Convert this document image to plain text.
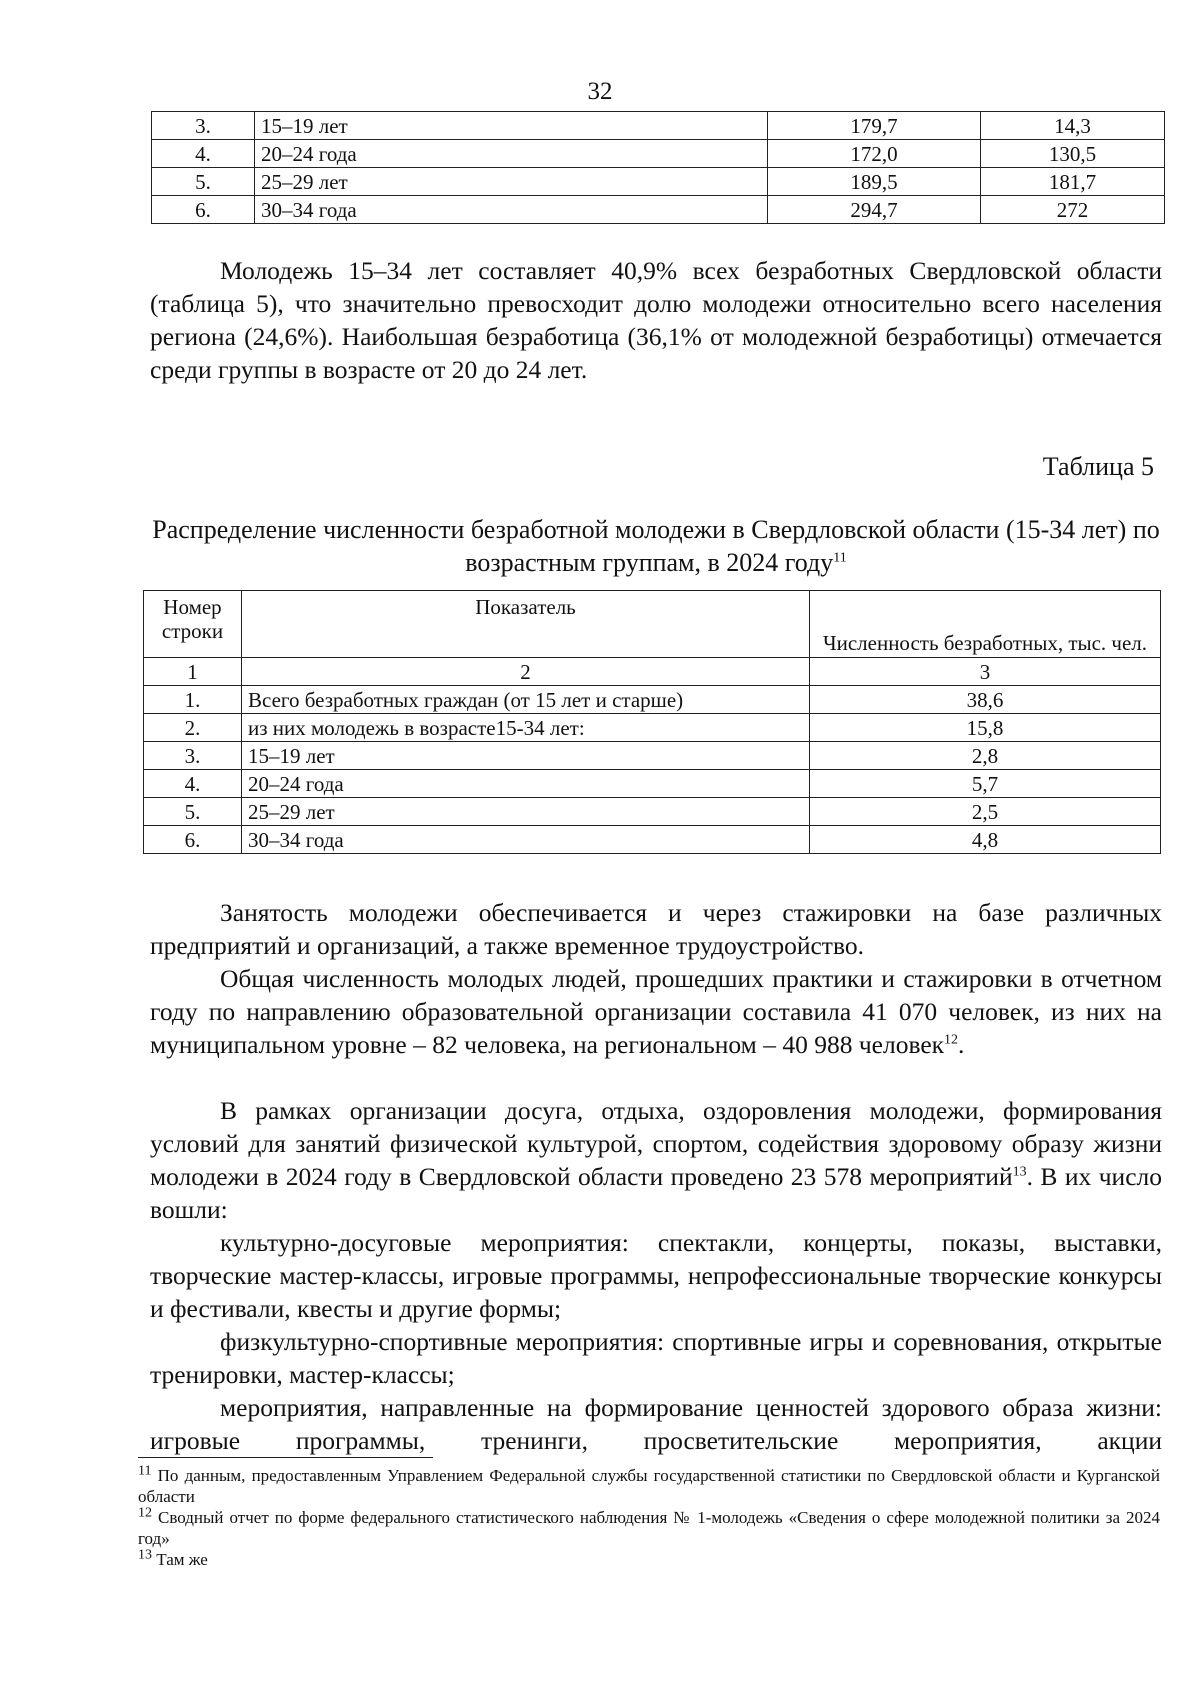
32
3.	15–19 лет	179,7	14,3
4.	20–24 года	172,0	130,5
5.	25–29 лет	189,5	181,7
6.	30–34 года	294,7	272

Молодежь 15–34 лет составляет 40,9% всех безработных Свердловской области (таблица 5), что значительно превосходит долю молодежи относительно всего населения региона (24,6%). Наибольшая безработица (36,1% от молодежной безработицы) отмечается среди группы в возрасте от 20 до 24 лет.

Таблица 5
Распределение численности безработной молодежи в Свердловской области (15-34 лет) по возрастным группам, в 2024 году$^{11}$
Номер строки	Показатель	Численность безработных, тыс. чел.
1	2	3
1.	Всего безработных граждан (от 15 лет и старше)	38,6
2.	из них молодежь в возрасте15-34 лет:	15,8
3.	15–19 лет	2,8
4.	20–24 года	5,7
5.	25–29 лет	2,5
6.	30–34 года	4,8

Занятость молодежи обеспечивается и через стажировки на базе различных предприятий и организаций, а также временное трудоустройство.

Общая численность молодых людей, прошедших практики и стажировки в отчетном году по направлению образовательной организации составила 41 070 человек, из них на муниципальном уровне – 82 человека, на региональном – 40 988 человек$^{12}$.

В рамках организации досуга, отдыха, оздоровления молодежи, формирования условий для занятий физической культурой, спортом, содействия здоровому образу жизни молодежи в 2024 году в Свердловской области проведено 23 578 мероприятий$^{13}$. В их число вошли:

культурно-досуговые мероприятия: спектакли, концерты, показы, выставки, творческие мастер-классы, игровые программы, непрофессиональные творческие конкурсы и фестивали, квесты и другие формы;

физкультурно-спортивные мероприятия: спортивные игры и соревнования, открытые тренировки, мастер-классы;

мероприятия, направленные на формирование ценностей здорового образа жизни: игровые программы, тренинги, просветительские мероприятия, акции

$^{11}$ По данным, предоставленным Управлением Федеральной службы государственной статистики по Свердловской области и Курганской области

$^{12}$ Сводный отчет по форме федерального статистического наблюдения № 1-молодежь «Сведения о сфере молодежной политики за 2024 год»

$^{13}$ Там же
